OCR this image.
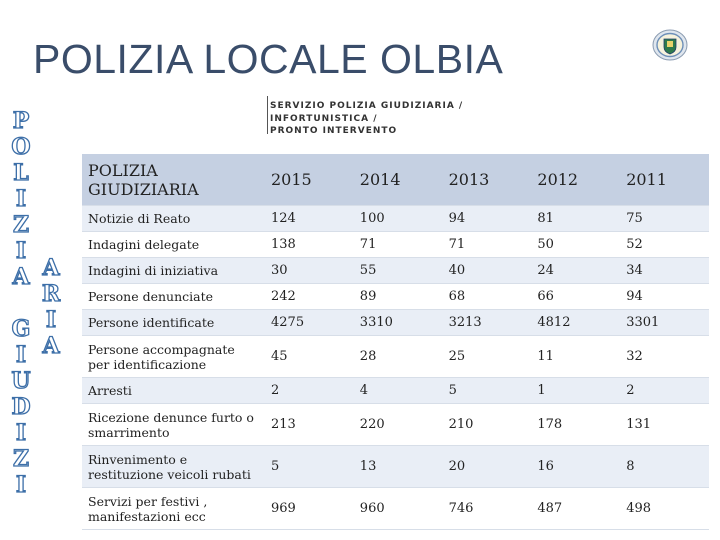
POLIZIA LOCALE OLBIA
SERVIZIO POLIZIA GIUDIZIARIA /
INFORTUNISTICA /
PRONTO INTERVENTO
P
O
L
I
Z
I
A
G
I
U
D
I
Z
I
A
R
I
A
POLIZIA GIUDIZIARIA	2015	2014	2013	2012	2011
Notizie di Reato	124	100	94	81	75
Indagini delegate	138	71	71	50	52
Indagini di iniziativa	30	55	40	24	34
Persone denunciate	242	89	68	66	94
Persone identificate	4275	3310	3213	4812	3301
Persone accompagnate per identificazione	45	28	25	11	32
Arresti	2	4	5	1	2
Ricezione denunce furto o smarrimento	213	220	210	178	131
Rinvenimento e restituzione veicoli rubati	5	13	20	16	8
Servizi per festivi , manifestazioni ecc	969	960	746	487	498
